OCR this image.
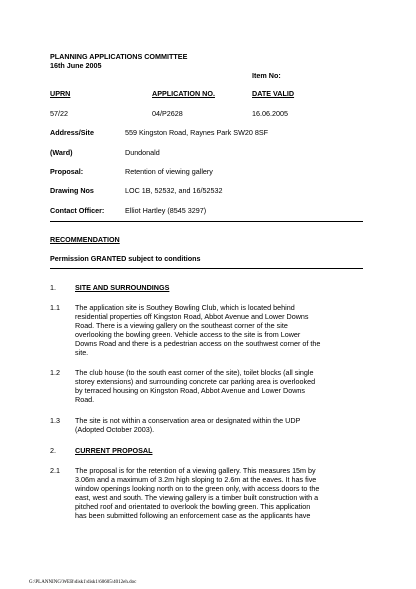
PLANNING APPLICATIONS COMMITTEE
16th June 2005
Item No:
UPRN	APPLICATION NO.	DATE VALID
57/22	04/P2628	16.06.2005
Address/Site	559 Kingston Road, Raynes Park SW20 8SF
(Ward)	Dundonald
Proposal:	Retention of viewing gallery
Drawing Nos	LOC 1B, 52532, and 16/52532
Contact Officer:	Elliot Hartley (8545 3297)
RECOMMENDATION
Permission GRANTED subject to conditions
1.	SITE AND SURROUNDINGS
1.1 The application site is Southey Bowling Club, which is located behind
residential properties off Kingston Road, Abbot Avenue and Lower Downs
Road. There is a viewing gallery on the southeast corner of the site
overlooking the bowling green. Vehicle access to the site is from Lower
Downs Road and there is a pedestrian access on the southwest corner of the
site.
1.2 The club house (to the south east corner of the site), toilet blocks (all single
storey extensions) and surrounding concrete car parking area is overlooked
by terraced housing on Kingston Road, Abbot Avenue and Lower Downs
Road.
1.3 The site is not within a conservation area or designated within the UDP
(Adopted October 2003).
2.	CURRENT PROPOSAL
2.1 The proposal is for the retention of a viewing gallery. This measures 15m by
3.06m and a maximum of 3.2m high sloping to 2.6m at the eaves. It has five
window openings looking north on to the green only, with access doors to the
east, west and south. The viewing gallery is a timber built construction with a
pitched roof and orientated to overlook the bowling green. This application
has been submitted following an enforcement case as the applicants have
G:\PLANNING\WEB\disk1\disk1\60605\4012eh.doc
